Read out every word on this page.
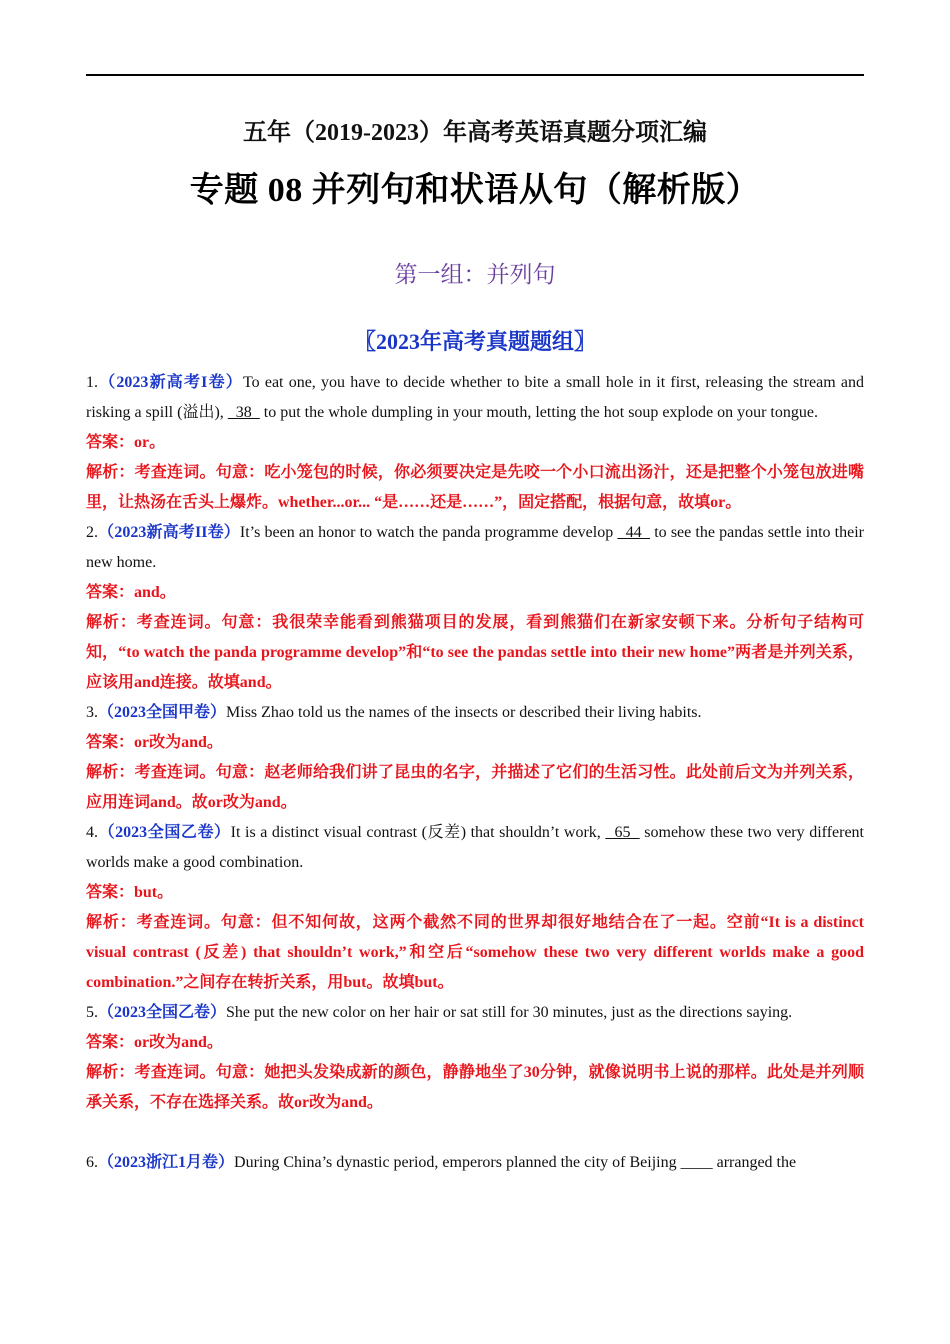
五年（2019-2023）年高考英语真题分项汇编
专题 08 并列句和状语从句（解析版）
第一组：并列句
〖2023年高考真题题组〗

1.（2023新高考I卷）To eat one, you have to decide whether to bite a small hole in it first, releasing the stream and risking a spill (溢出),   38   to put the whole dumpling in your mouth, letting the hot soup explode on your tongue.

答案：or。

解析：考查连词。句意：吃小笼包的时候，你必须要决定是先咬一个小口流出汤汁，还是把整个小笼包放进嘴里，让热汤在舌头上爆炸。whether...or... “是……还是……”，固定搭配，根据句意，故填or。

2.（2023新高考II卷）It’s been an honor to watch the panda programme develop   44   to see the pandas settle into their new home.

答案：and。

解析：考查连词。句意：我很荣幸能看到熊猫项目的发展，看到熊猫们在新家安顿下来。分析句子结构可知，“to watch the panda programme develop”和“to see the pandas settle into their new home”两者是并列关系，应该用and连接。故填and。

3.（2023全国甲卷）Miss Zhao told us the names of the insects or described their living habits.

答案：or改为and。

解析：考查连词。句意：赵老师给我们讲了昆虫的名字，并描述了它们的生活习性。此处前后文为并列关系，应用连词and。故or改为and。

4.（2023全国乙卷）It is a distinct visual contrast (反差) that shouldn’t work,   65   somehow these two very different worlds make a good combination.

答案：but。

解析：考查连词。句意：但不知何故，这两个截然不同的世界却很好地结合在了一起。空前“It is a distinct visual contrast (反差) that shouldn’t work,”和空后“somehow these two very different worlds make a good combination.”之间存在转折关系，用but。故填but。

5.（2023全国乙卷）She put the new color on her hair or sat still for 30 minutes, just as the directions saying.

答案：or改为and。

解析：考查连词。句意：她把头发染成新的颜色，静静地坐了30分钟，就像说明书上说的那样。此处是并列顺承关系，不存在选择关系。故or改为and。

6.（2023浙江1月卷）During China’s dynastic period, emperors planned the city of Beijing ____ arranged the
